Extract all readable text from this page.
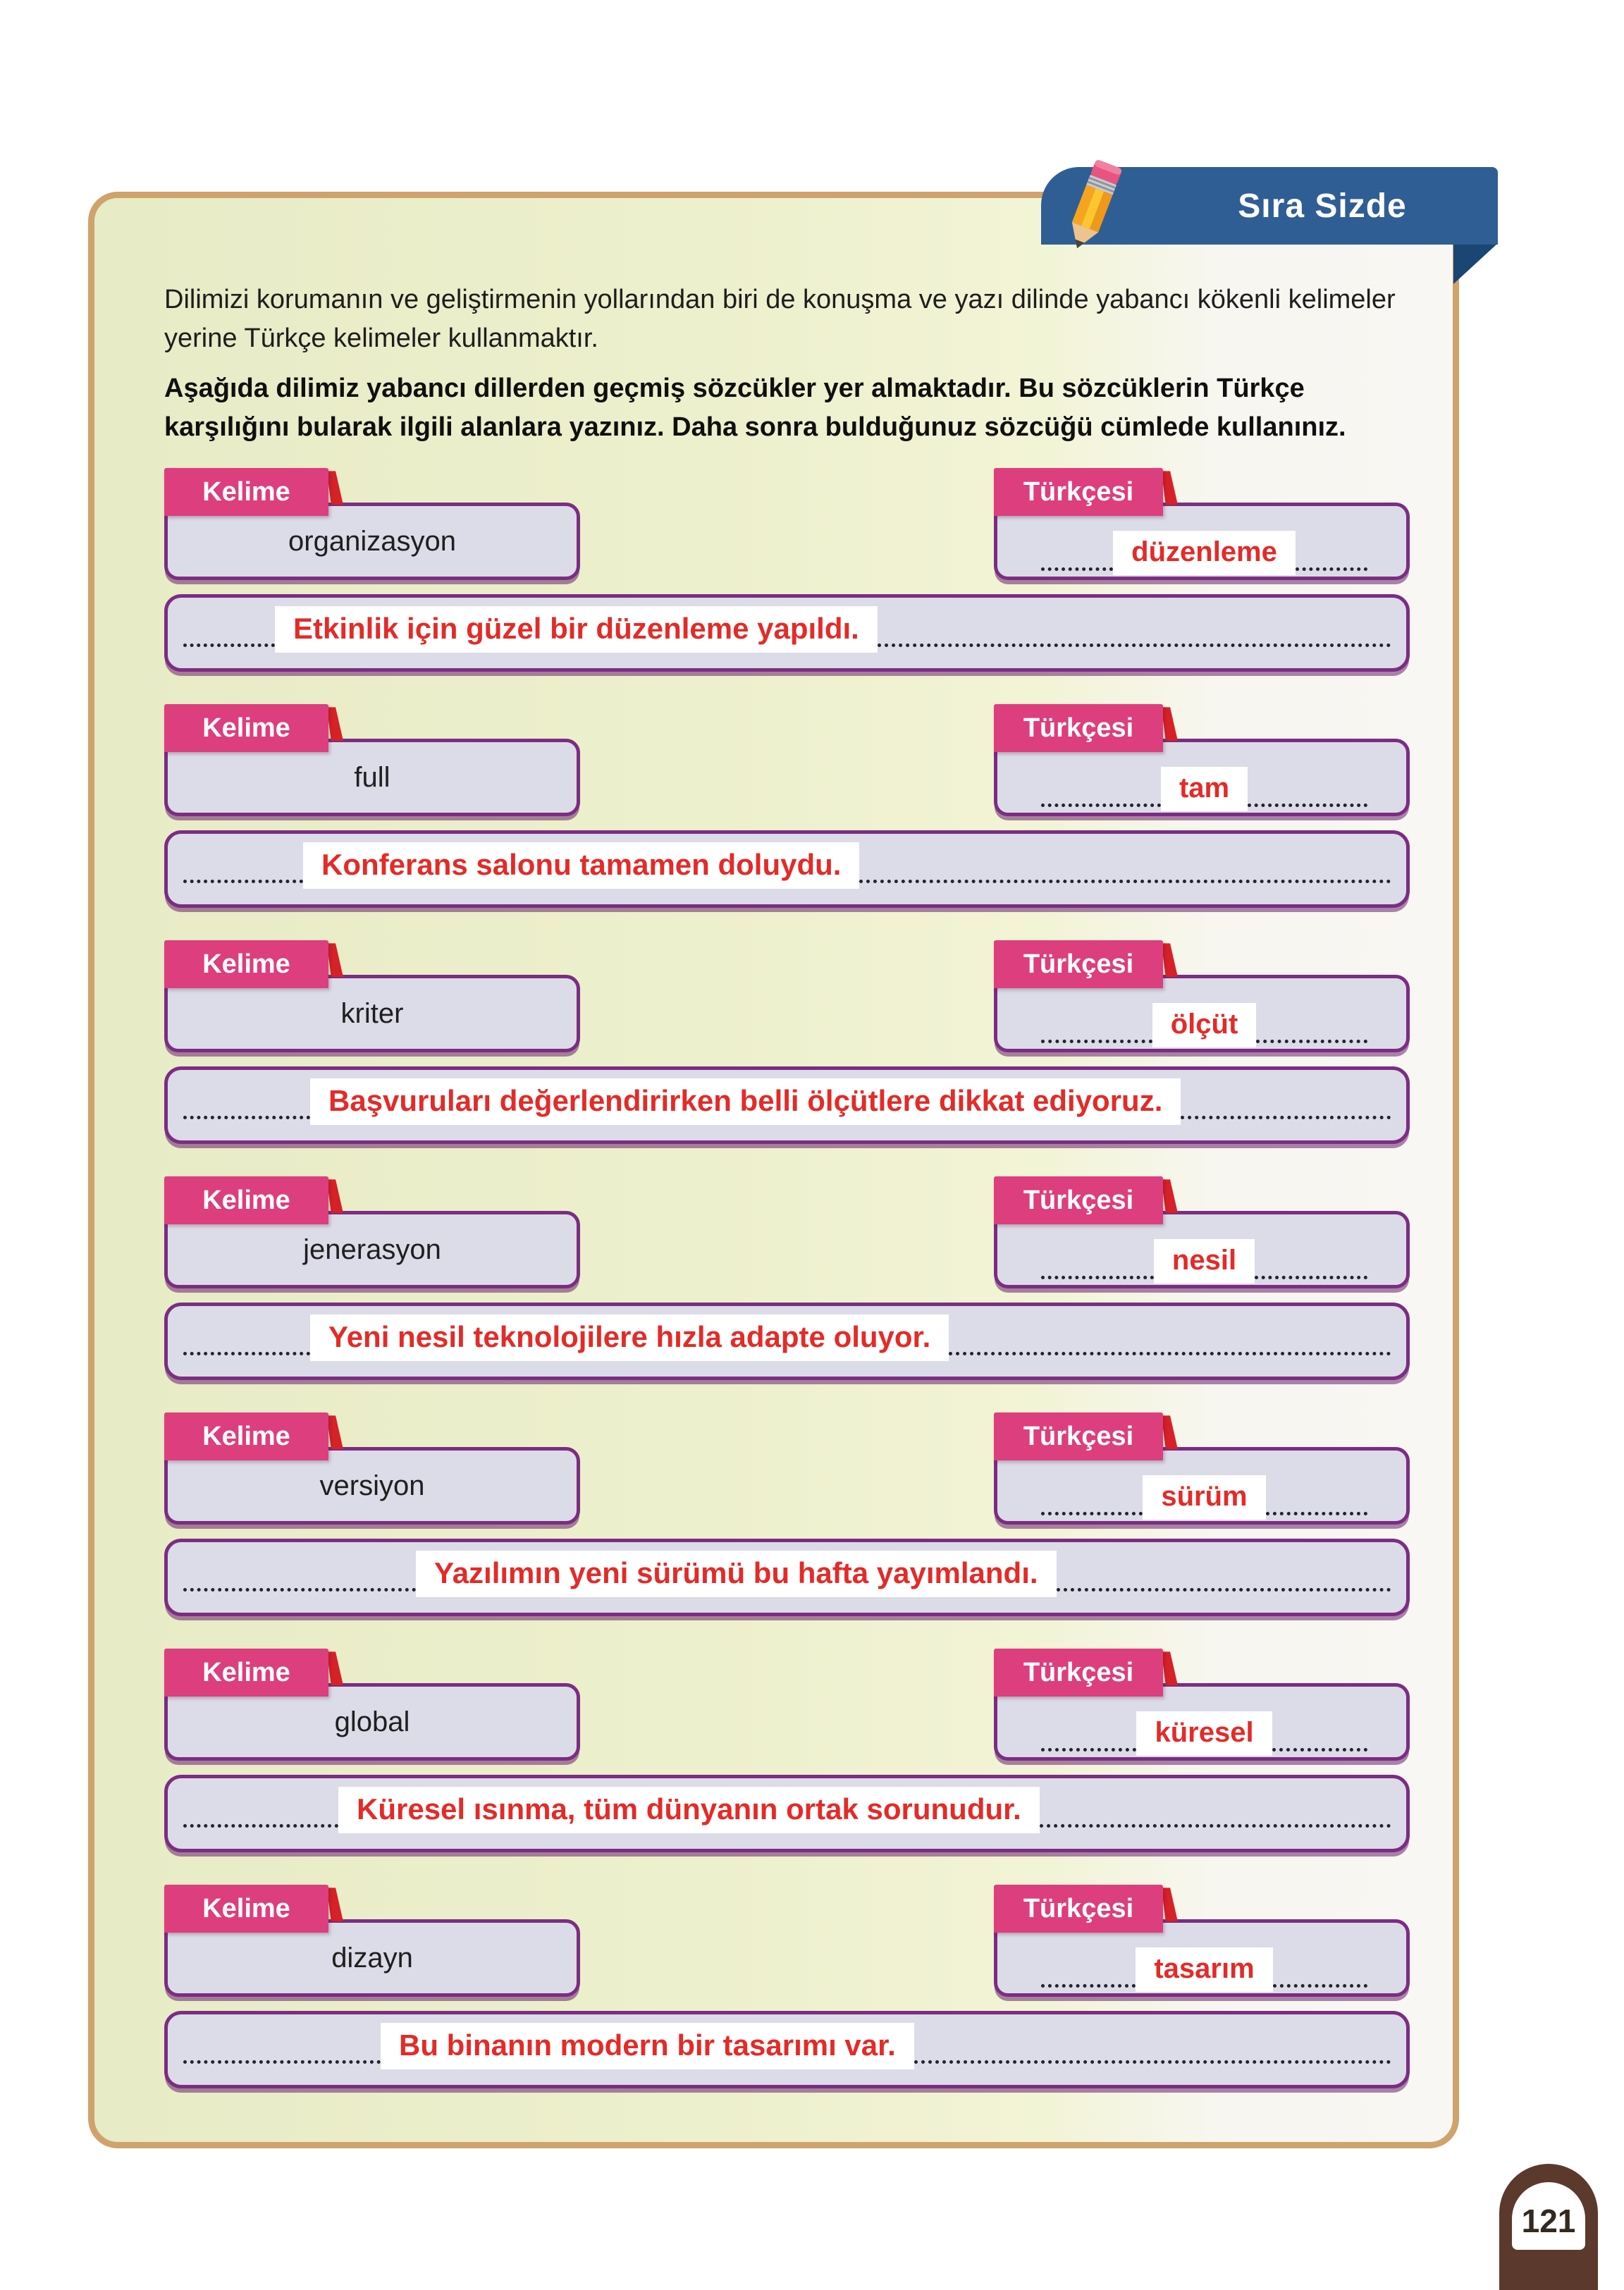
Sıra Sizde

Dilimizi korumanın ve geliştirmenin yollarından biri de konuşma ve yazı dilinde yabancı kökenli kelimeler yerine Türkçe kelimeler kullanmaktır.

Aşağıda dilimiz yabancı dillerden geçmiş sözcükler yer almaktadır. Bu sözcüklerin Türkçe karşılığını bularak ilgili alanlara yazınız. Daha sonra bulduğunuz sözcüğü cümlede kullanınız.

Kelime
organizasyon
Türkçesi
düzenleme
Etkinlik için güzel bir düzenleme yapıldı.
Kelime
full
Türkçesi
tam
Konferans salonu tamamen doluydu.
Kelime
kriter
Türkçesi
ölçüt
Başvuruları değerlendirirken belli ölçütlere dikkat ediyoruz.
Kelime
jenerasyon
Türkçesi
nesil
Yeni nesil teknolojilere hızla adapte oluyor.
Kelime
versiyon
Türkçesi
sürüm
Yazılımın yeni sürümü bu hafta yayımlandı.
Kelime
global
Türkçesi
küresel
Küresel ısınma, tüm dünyanın ortak sorunudur.
Kelime
dizayn
Türkçesi
tasarım
Bu binanın modern bir tasarımı var.
121
